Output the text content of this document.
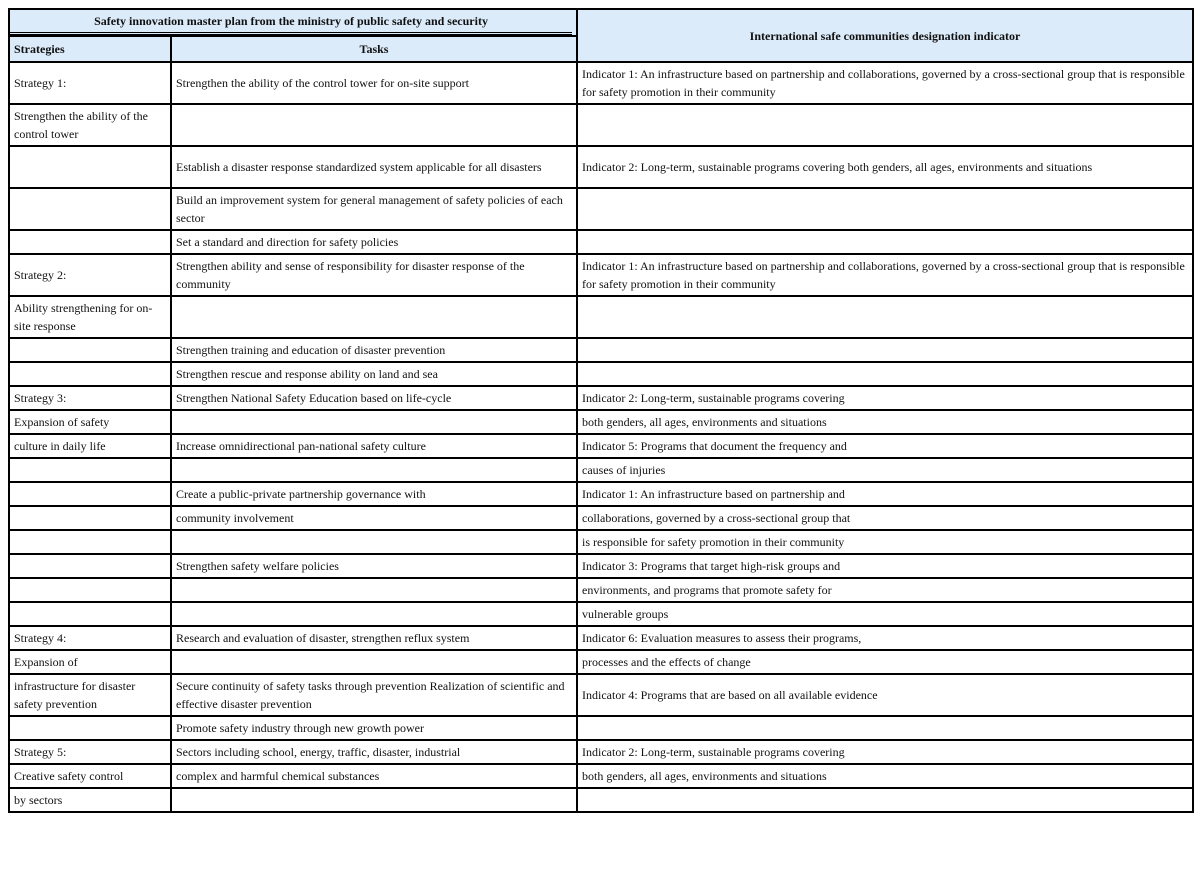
Safety innovation master plan from the ministry of public safety and security		International safe communities designation indicator
Strategies	Tasks	
Strategy 1:	Strengthen the ability of the control tower for on-site support	Indicator 1: An infrastructure based on partnership and collaborations, governed by a cross-sectional group that is responsible for safety promotion in their community
Strengthen the ability of the control tower		
	Establish a disaster response standardized system applicable for all disasters	Indicator 2: Long-term, sustainable programs covering both genders, all ages, environments and situations
	Build an improvement system for general management of safety policies of each sector	
	Set a standard and direction for safety policies	
Strategy 2:	Strengthen ability and sense of responsibility for disaster response of the community	Indicator 1: An infrastructure based on partnership and collaborations, governed by a cross-sectional group that is responsible for safety promotion in their community
Ability strengthening for on-site response		
	Strengthen training and education of disaster prevention	
	Strengthen rescue and response ability on land and sea	
Strategy 3:	Strengthen National Safety Education based on life-cycle	Indicator 2: Long-term, sustainable programs covering
Expansion of safety		both genders, all ages, environments and situations
culture in daily life	Increase omnidirectional pan-national safety culture	Indicator 5: Programs that document the frequency and
		causes of injuries
	Create a public-private partnership governance with	Indicator 1: An infrastructure based on partnership and
	community involvement	collaborations, governed by a cross-sectional group that
		is responsible for safety promotion in their community
	Strengthen safety welfare policies	Indicator 3: Programs that target high-risk groups and
		environments, and programs that promote safety for
		vulnerable groups
Strategy 4:	Research and evaluation of disaster, strengthen reflux system	Indicator 6: Evaluation measures to assess their programs,
Expansion of		processes and the effects of change
infrastructure for disaster safety prevention	Secure continuity of safety tasks through prevention Realization of scientific and effective disaster prevention	Indicator 4: Programs that are based on all available evidence
	Promote safety industry through new growth power	
Strategy 5:	Sectors including school, energy, traffic, disaster, industrial	Indicator 2: Long-term, sustainable programs covering
Creative safety control	complex and harmful chemical substances	both genders, all ages, environments and situations
by sectors		
